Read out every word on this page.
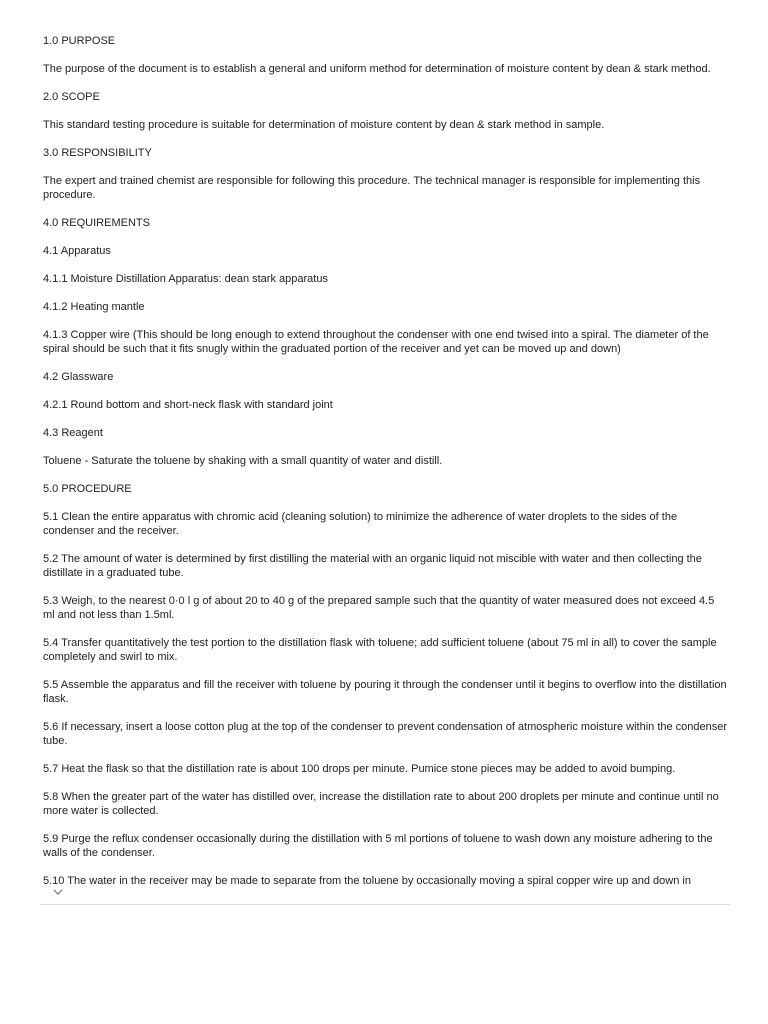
1.0 PURPOSE

The purpose of the document is to establish a general and uniform method for determination of moisture content by dean & stark method.

2.0 SCOPE

This standard testing procedure is suitable for determination of moisture content by dean & stark method in sample.

3.0 RESPONSIBILITY

The expert and trained chemist are responsible for following this procedure. The technical manager is responsible for implementing this procedure.

4.0 REQUIREMENTS

4.1 Apparatus

4.1.1 Moisture Distillation Apparatus: dean stark apparatus

4.1.2 Heating mantle

4.1.3 Copper wire (This should be long enough to extend throughout the condenser with one end twised into a spiral. The diameter of the spiral should be such that it fits snugly within the graduated portion of the receiver and yet can be moved up and down)

4.2 Glassware

4.2.1 Round bottom and short-neck flask with standard joint

4.3 Reagent

Toluene - Saturate the toluene by shaking with a small quantity of water and distill.

5.0 PROCEDURE

5.1 Clean the entire apparatus with chromic acid (cleaning solution) to minimize the adherence of water droplets to the sides of the condenser and the receiver.

5.2 The amount of water is determined by first distilling the material with an organic liquid not miscible with water and then collecting the distillate in a graduated tube.

5.3 Weigh, to the nearest 0·0 l g of about 20 to 40 g of the prepared sample such that the quantity of water measured does not exceed 4.5 ml and not less than 1.5ml.

5.4 Transfer quantitatively the test portion to the distillation flask with toluene; add sufficient toluene (about 75 ml in all) to cover the sample completely and swirl to mix.

5.5 Assemble the apparatus and fill the receiver with toluene by pouring it through the condenser until it begins to overflow into the distillation flask.

5.6 If necessary, insert a loose cotton plug at the top of the condenser to prevent condensation of atmospheric moisture within the condenser tube.

5.7 Heat the flask so that the distillation rate is about 100 drops per minute. Pumice stone pieces may be added to avoid bumping.

5.8 When the greater part of the water has distilled over, increase the distillation rate to about 200 droplets per minute and continue until no more water is collected.

5.9 Purge the reflux condenser occasionally during the distillation with 5 ml portions of toluene to wash down any moisture adhering to the walls of the condenser.

5.10 The water in the receiver may be made to separate from the toluene by occasionally moving a spiral copper wire up and down in
